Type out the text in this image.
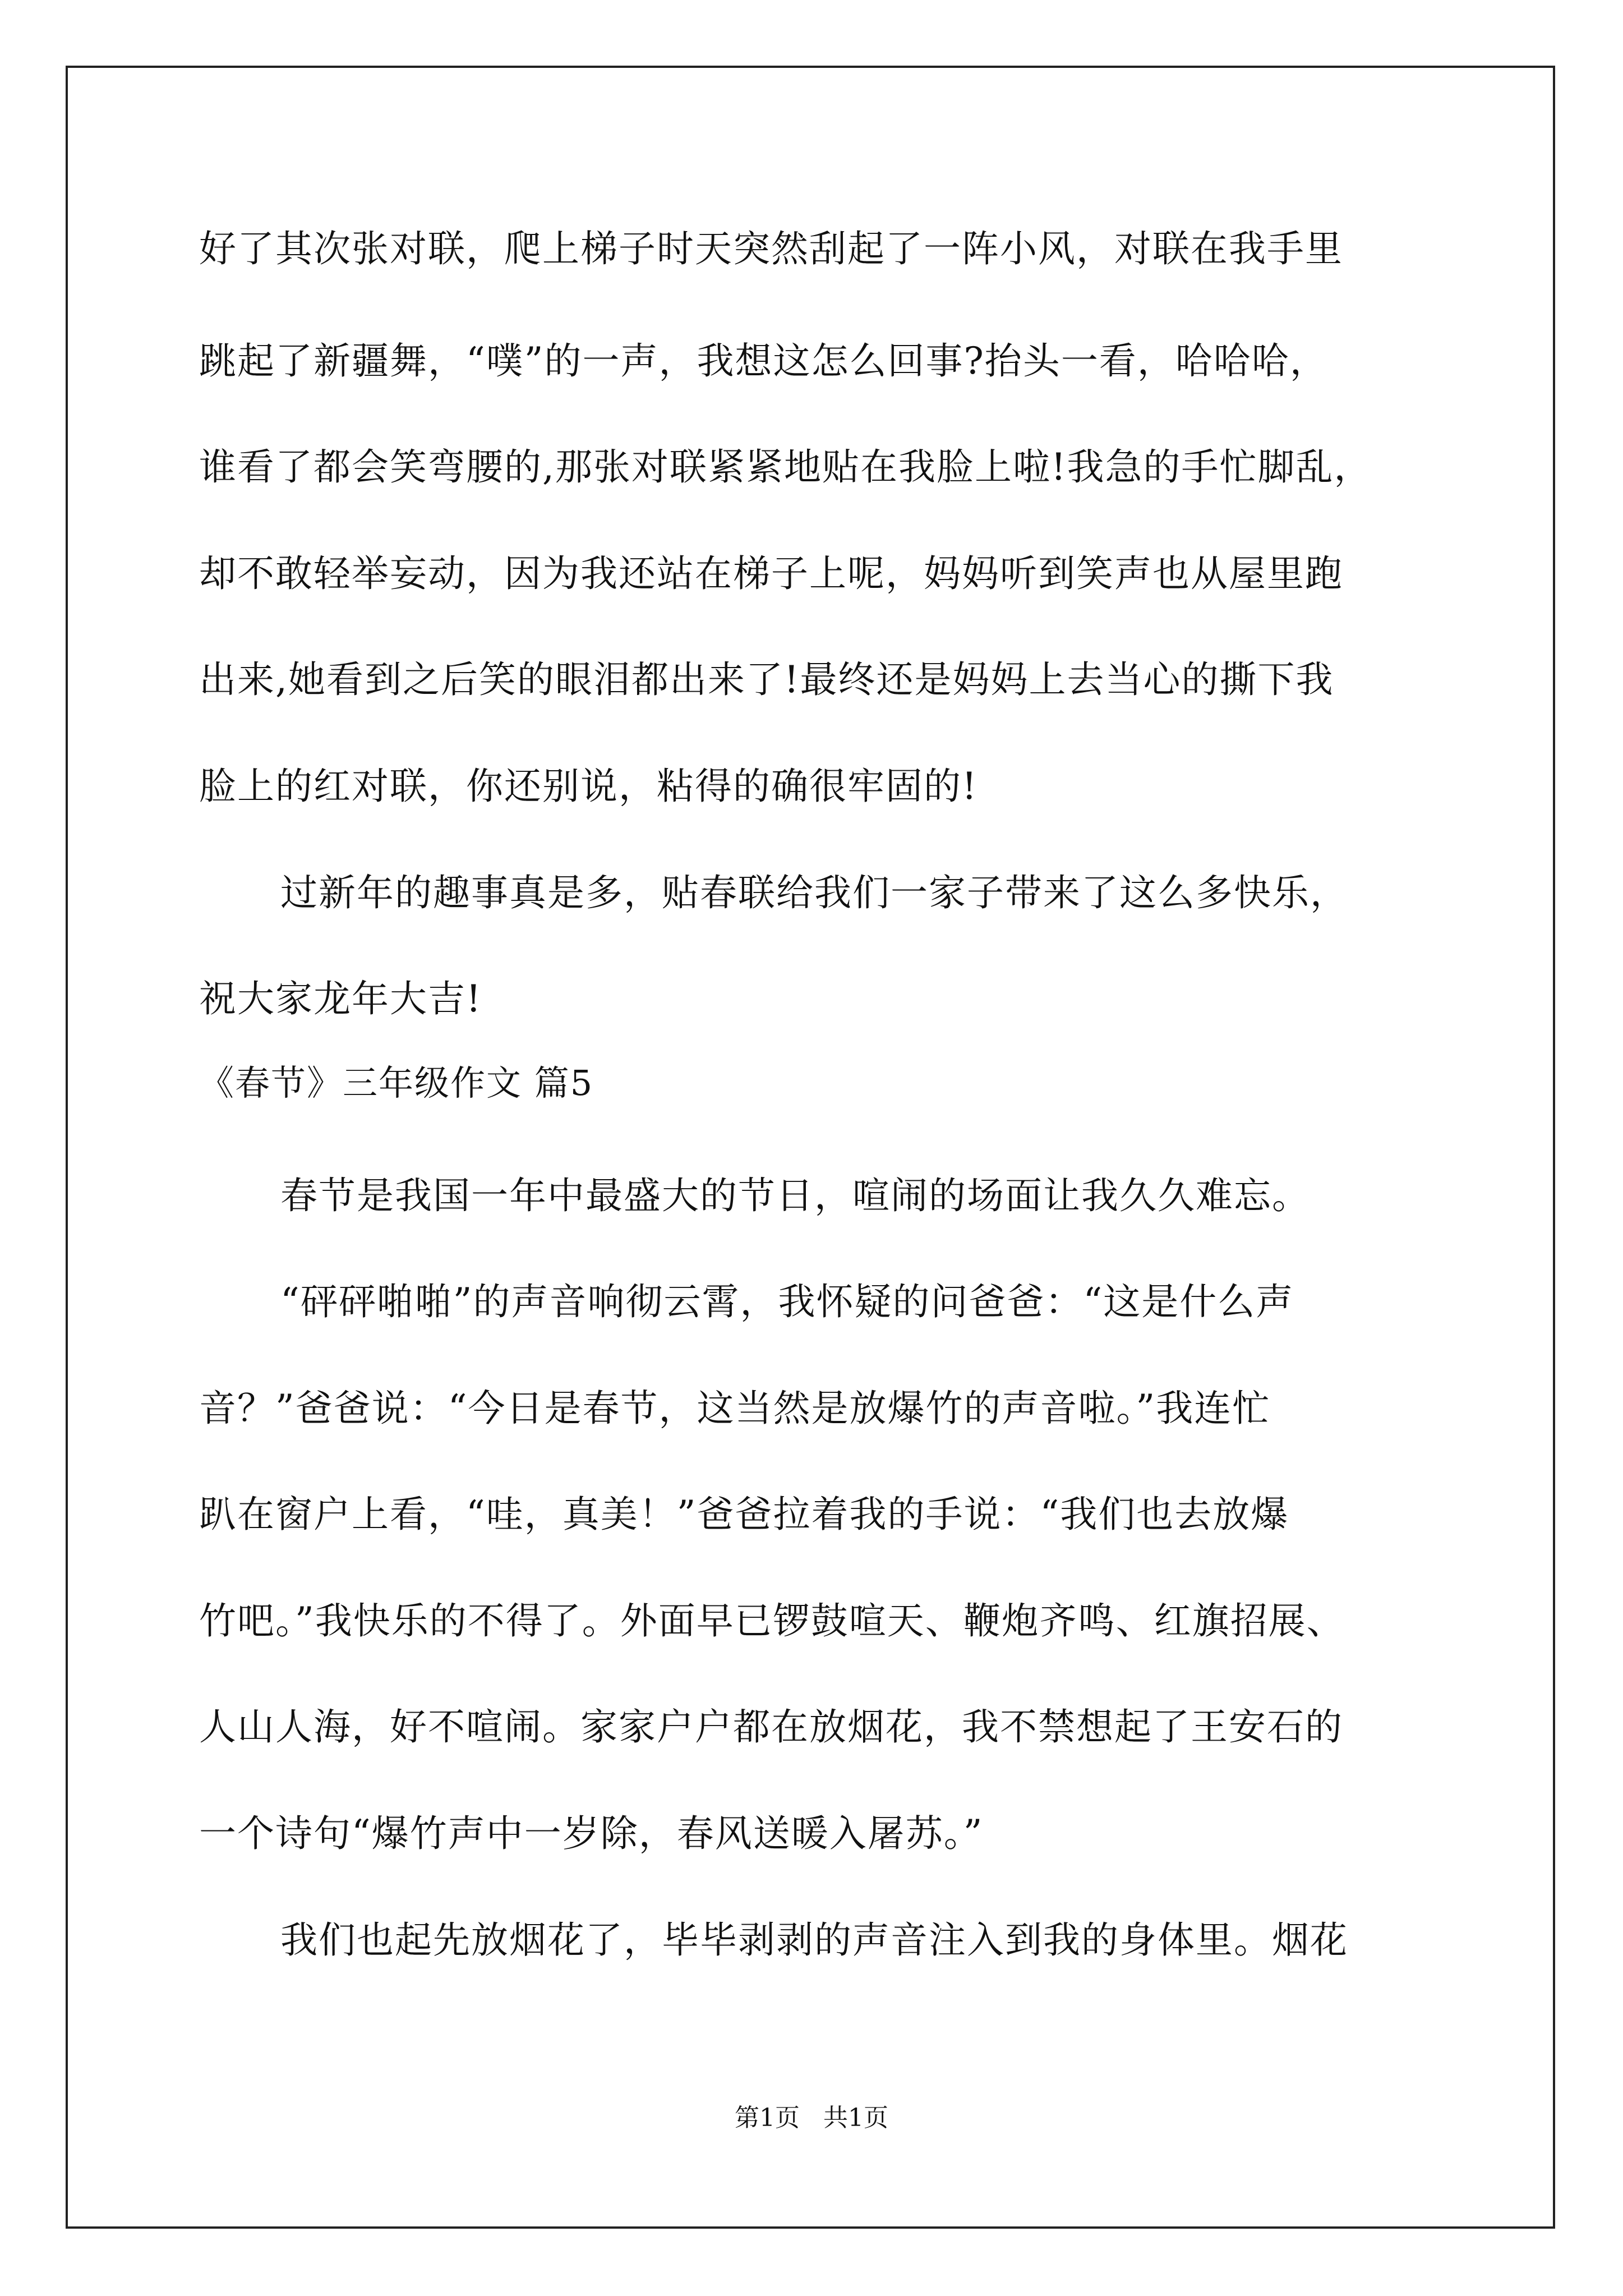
好了其次张对联，爬上梯子时天突然刮起了一阵小风，对联在我手里
跳起了新疆舞，“噗”的一声，我想这怎么回事?抬头一看，哈哈哈，
谁看了都会笑弯腰的,那张对联紧紧地贴在我脸上啦!我急的手忙脚乱，
却不敢轻举妄动，因为我还站在梯子上呢，妈妈听到笑声也从屋里跑
出来,她看到之后笑的眼泪都出来了!最终还是妈妈上去当心的撕下我
脸上的红对联，你还别说，粘得的确很牢固的!
过新年的趣事真是多，贴春联给我们一家子带来了这么多快乐，
祝大家龙年大吉!
《春节》三年级作文 篇5
春节是我国一年中最盛大的节日，喧闹的场面让我久久难忘。
“砰砰啪啪”的声音响彻云霄，我怀疑的问爸爸：“这是什么声
音？”爸爸说：“今日是春节，这当然是放爆竹的声音啦。”我连忙
趴在窗户上看，“哇，真美！”爸爸拉着我的手说：“我们也去放爆
竹吧。”我快乐的不得了。外面早已锣鼓喧天、鞭炮齐鸣、红旗招展、
人山人海，好不喧闹。家家户户都在放烟花，我不禁想起了王安石的
一个诗句“爆竹声中一岁除，春风送暖入屠苏。”
我们也起先放烟花了，毕毕剥剥的声音注入到我的身体里。烟花
第1页   共1页
